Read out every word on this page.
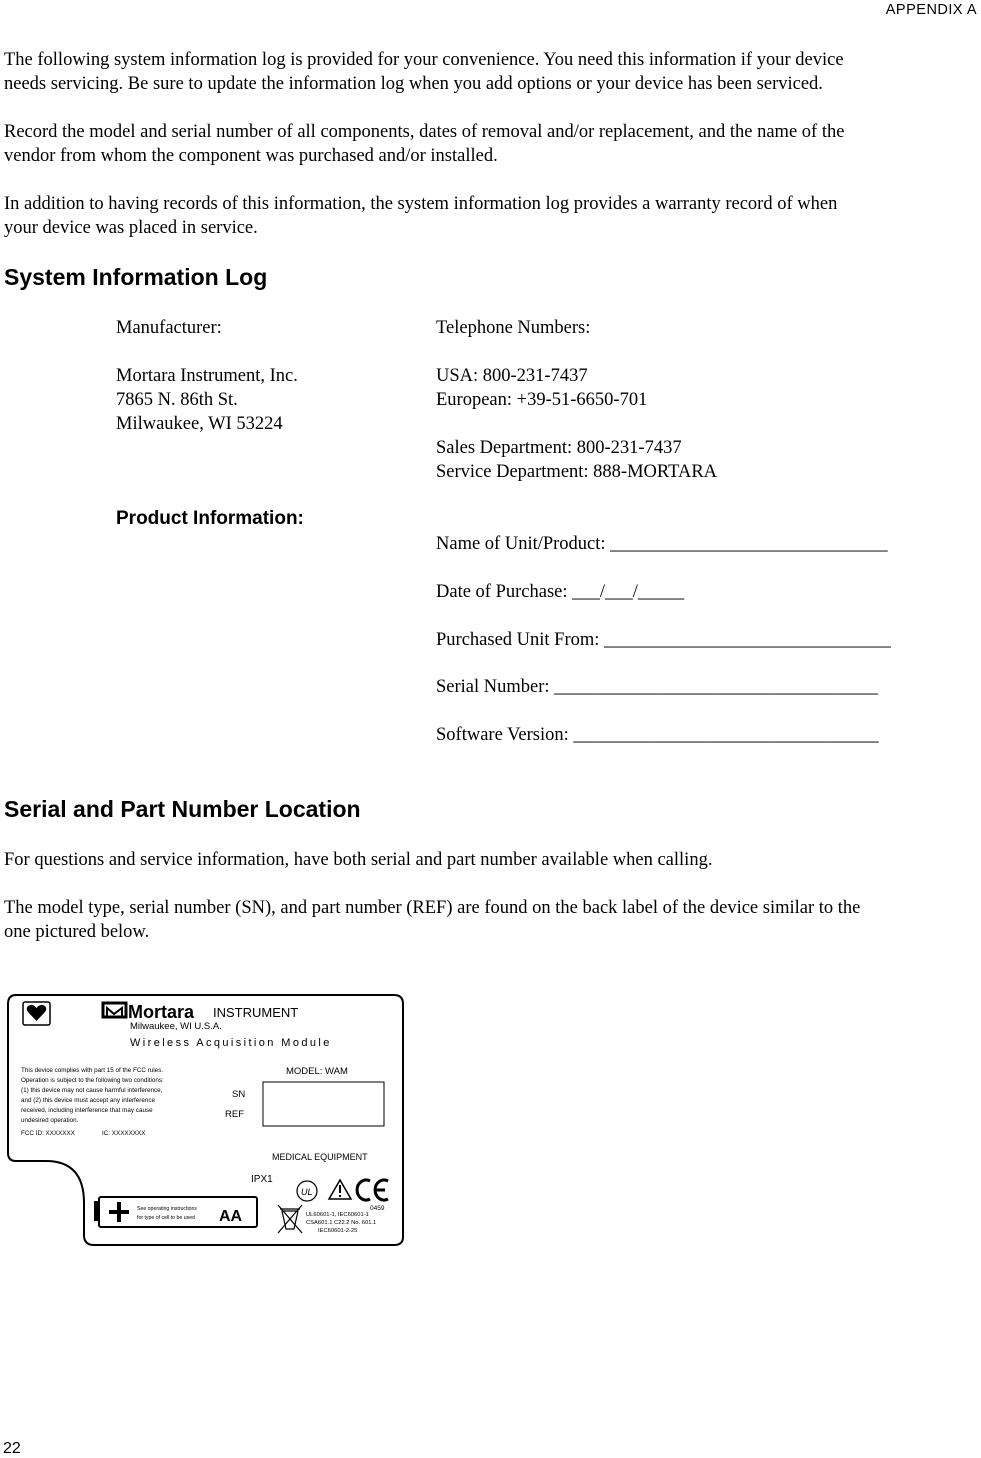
APPENDIX A
The following system information log is provided for your convenience. You need this information if your device
needs servicing. Be sure to update the information log when you add options or your device has been serviced.
Record the model and serial number of all components, dates of removal and/or replacement, and the name of the
vendor from whom the component was purchased and/or installed.
In addition to having records of this information, the system information log provides a warranty record of when
your device was placed in service.
System Information Log
Manufacturer:
Mortara Instrument, Inc.
7865 N. 86th St.
Milwaukee, WI 53224
Product Information:
Telephone Numbers:
USA: 800-231-7437
European: +39-51-6650-701
Sales Department: 800-231-7437
Service Department: 888-MORTARA
Name of Unit/Product: ______________________________
Date of Purchase: ___/___/_____
Purchased Unit From: _______________________________
Serial Number: ___________________________________
Software Version: _________________________________
Serial and Part Number Location
For questions and service information, have both serial and part number available when calling.
The model type, serial number (SN), and part number (REF) are found on the back label of the device similar to the
one pictured below.
Mortara INSTRUMENT
Milwaukee, WI U.S.A.
Wireless Acquisition Module
This device complies with part 15 of the FCC rules.
Operation is subject to the following two conditions:
(1) this device may not cause harmful interference,
and (2) this device must accept any interference
received, including interference that may cause
undesired operation.
FCC ID: XXXXXXX	IC: XXXXXXXX
MODEL: WAM
SN
REF
MEDICAL EQUIPMENT
IPX1
See operating instructions
for type of cell to be used AA
UL
0459
UL60601-1, IEC60601-1
CSA601.1 C22.2 No. 601.1
IEC60601-2-25
22
